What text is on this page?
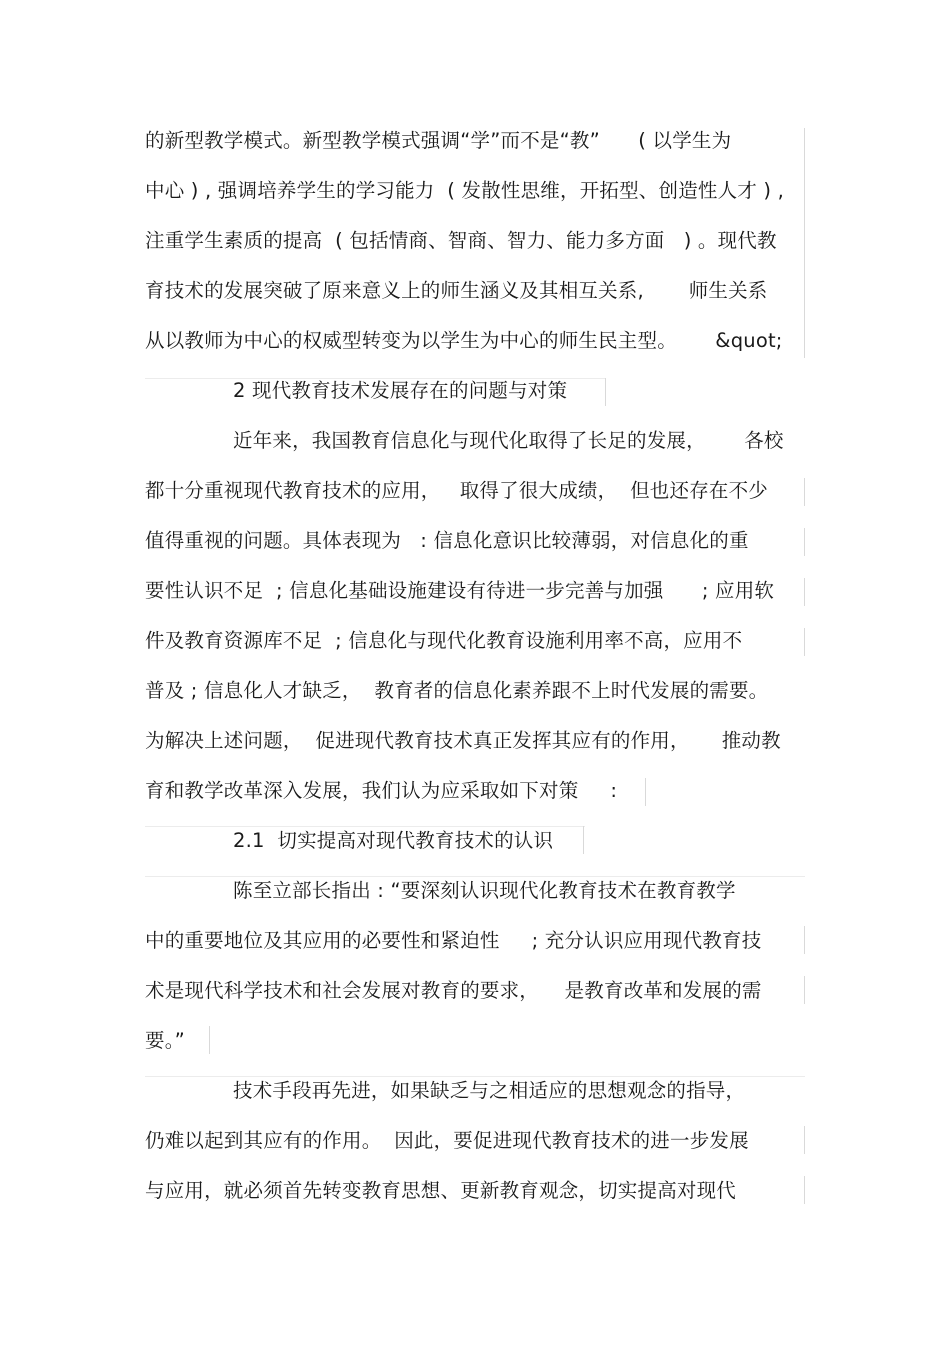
的新型教学模式。新型教学模式强调“学”而不是“教”      ( 以学生为
中心 ) , 强调培养学生的学习能力  ( 发散性思维，开拓型、创造性人才 ) ,
注重学生素质的提高  ( 包括情商、智商、智力、能力多方面   ) 。现代教
育技术的发展突破了原来意义上的师生涵义及其相互关系,       师生关系
从以教师为中心的权威型转变为以学生为中心的师生民主型。      &quot;
2 现代教育技术发展存在的问题与对策
近年来，我国教育信息化与现代化取得了长足的发展，      各校
都十分重视现代教育技术的应用，   取得了很大成绩，  但也还存在不少
值得重视的问题。具体表现为   : 信息化意识比较薄弱，对信息化的重
要性认识不足  ; 信息化基础设施建设有待进一步完善与加强      ; 应用软
件及教育资源库不足  ; 信息化与现代化教育设施利用率不高，应用不
普及 ; 信息化人才缺乏，  教育者的信息化素养跟不上时代发展的需要。
为解决上述问题，  促进现代教育技术真正发挥其应有的作用，     推动教
育和教学改革深入发展，我们认为应采取如下对策     :
2.1  切实提高对现代教育技术的认识
陈至立部长指出 : “要深刻认识现代化教育技术在教育教学
中的重要地位及其应用的必要性和紧迫性     ; 充分认识应用现代教育技
术是现代科学技术和社会发展对教育的要求，    是教育改革和发展的需
要。”
技术手段再先进，如果缺乏与之相适应的思想观念的指导，
仍难以起到其应有的作用。  因此，要促进现代教育技术的进一步发展
与应用，就必须首先转变教育思想、更新教育观念，切实提高对现代
